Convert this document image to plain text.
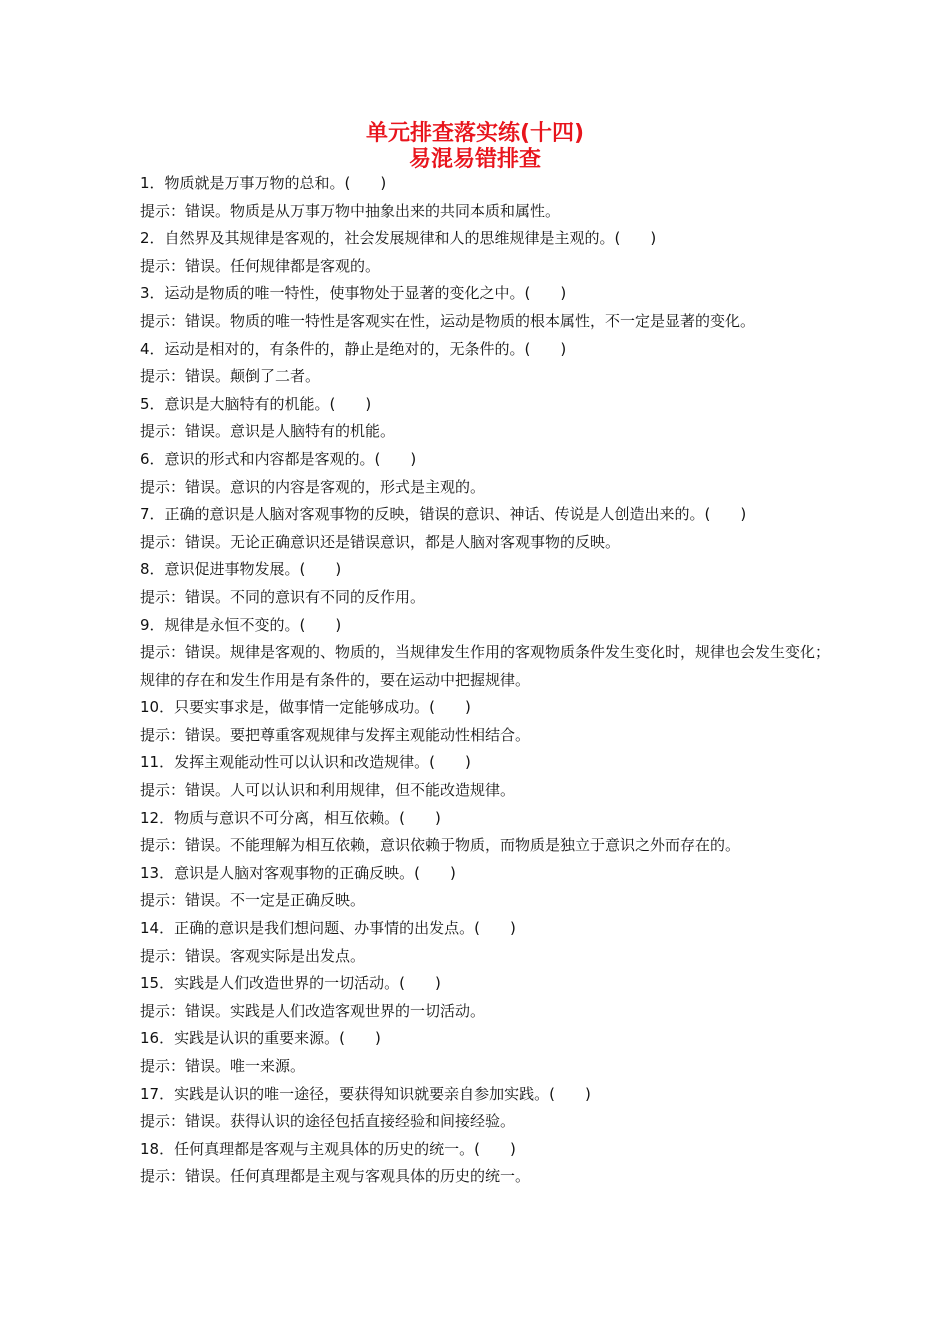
单元排查落实练(十四)
易混易错排查
1．物质就是万事万物的总和。(　　)
提示：错误。物质是从万事万物中抽象出来的共同本质和属性。
2．自然界及其规律是客观的，社会发展规律和人的思维规律是主观的。(　　)
提示：错误。任何规律都是客观的。
3．运动是物质的唯一特性，使事物处于显著的变化之中。(　　)
提示：错误。物质的唯一特性是客观实在性，运动是物质的根本属性，不一定是显著的变化。
4．运动是相对的，有条件的，静止是绝对的，无条件的。(　　)
提示：错误。颠倒了二者。
5．意识是大脑特有的机能。(　　)
提示：错误。意识是人脑特有的机能。
6．意识的形式和内容都是客观的。(　　)
提示：错误。意识的内容是客观的，形式是主观的。
7．正确的意识是人脑对客观事物的反映，错误的意识、神话、传说是人创造出来的。(　　)
提示：错误。无论正确意识还是错误意识，都是人脑对客观事物的反映。
8．意识促进事物发展。(　　)
提示：错误。不同的意识有不同的反作用。
9．规律是永恒不变的。(　　)
提示：错误。规律是客观的、物质的，当规律发生作用的客观物质条件发生变化时，规律也会发生变化；规律的存在和发生作用是有条件的，要在运动中把握规律。
10．只要实事求是，做事情一定能够成功。(　　)
提示：错误。要把尊重客观规律与发挥主观能动性相结合。
11．发挥主观能动性可以认识和改造规律。(　　)
提示：错误。人可以认识和利用规律，但不能改造规律。
12．物质与意识不可分离，相互依赖。(　　)
提示：错误。不能理解为相互依赖，意识依赖于物质，而物质是独立于意识之外而存在的。
13．意识是人脑对客观事物的正确反映。(　　)
提示：错误。不一定是正确反映。
14．正确的意识是我们想问题、办事情的出发点。(　　)
提示：错误。客观实际是出发点。
15．实践是人们改造世界的一切活动。(　　)
提示：错误。实践是人们改造客观世界的一切活动。
16．实践是认识的重要来源。(　　)
提示：错误。唯一来源。
17．实践是认识的唯一途径，要获得知识就要亲自参加实践。(　　)
提示：错误。获得认识的途径包括直接经验和间接经验。
18．任何真理都是客观与主观具体的历史的统一。(　　)
提示：错误。任何真理都是主观与客观具体的历史的统一。
